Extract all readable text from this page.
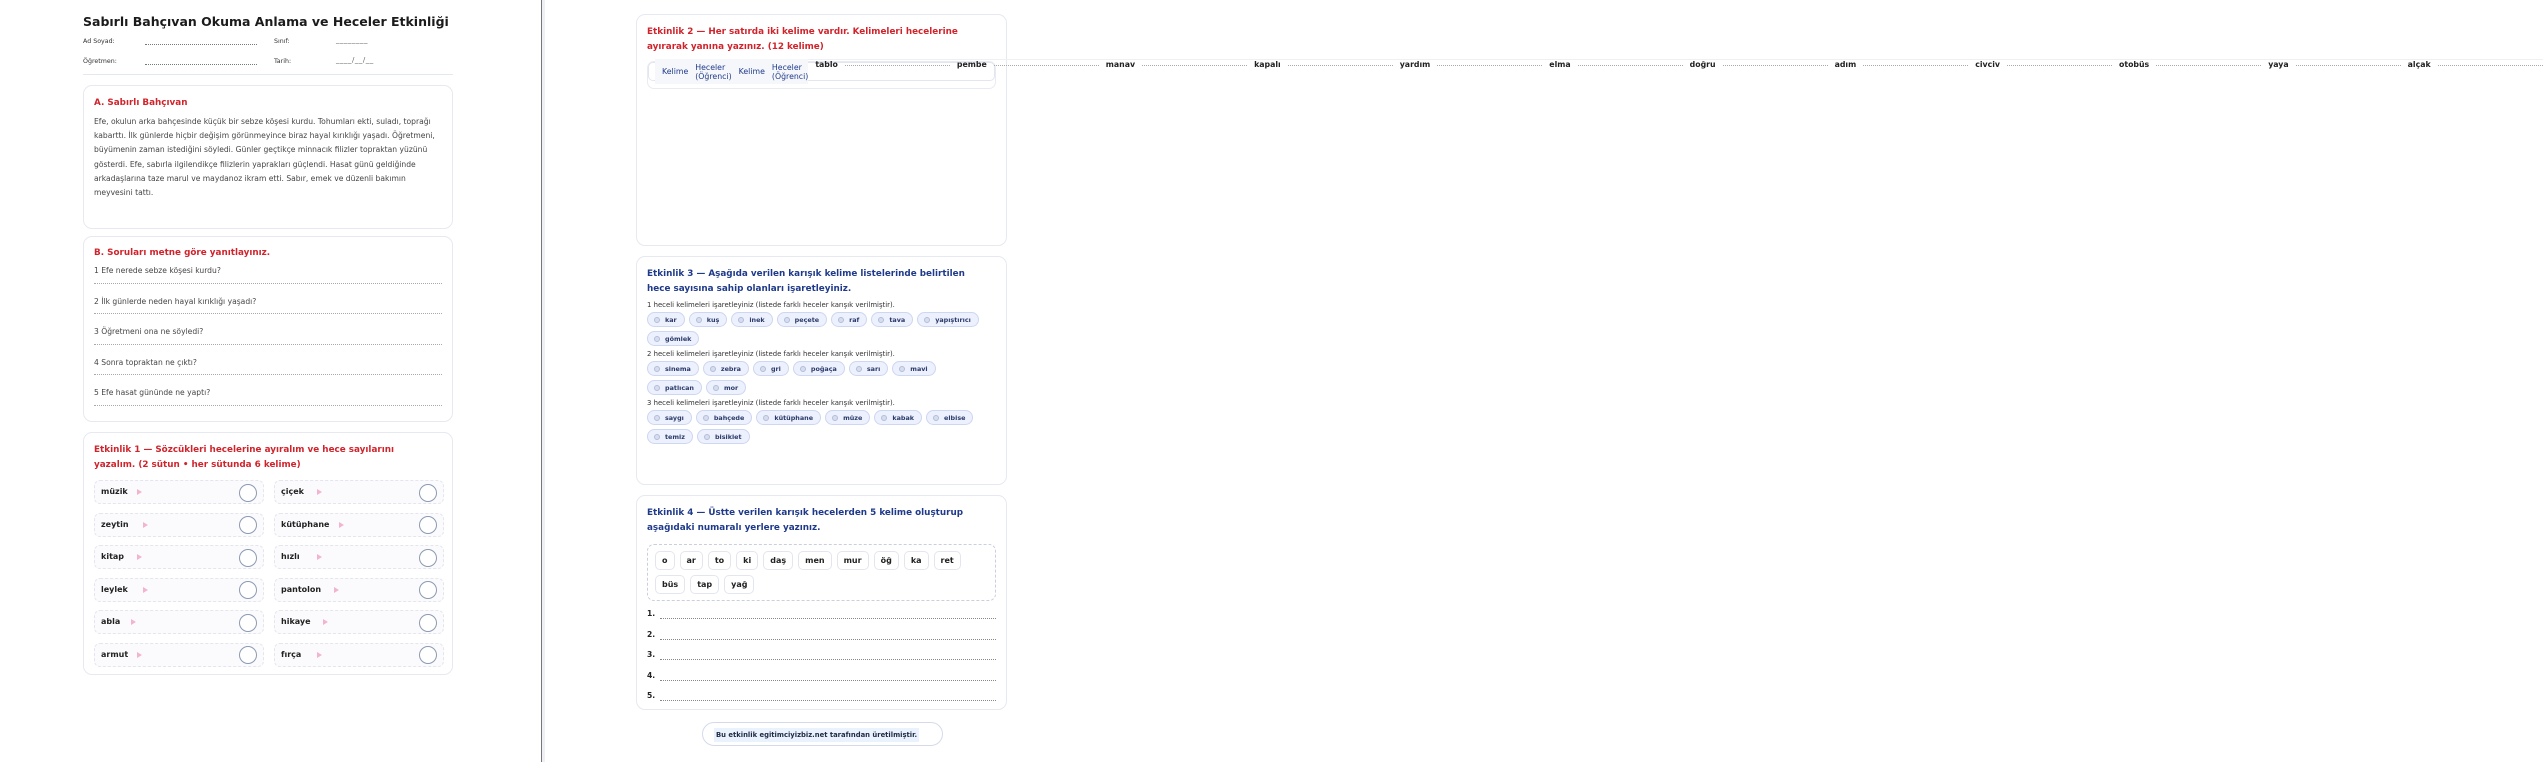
Sabırlı Bahçıvan Okuma Anlama ve Heceler Etkinliği
Ad Soyad:	Sınıf:	________
Öğretmen:	Tarih:	____/__/__
A. Sabırlı Bahçıvan
Efe, okulun arka bahçesinde küçük bir sebze köşesi kurdu. Tohumları ekti, suladı, toprağı kabarttı. İlk günlerde hiçbir değişim görünmeyince biraz hayal kırıklığı yaşadı. Öğretmeni, büyümenin zaman istediğini söyledi. Günler geçtikçe minnacık filizler topraktan yüzünü gösterdi. Efe, sabırla ilgilendikçe filizlerin yaprakları güçlendi. Hasat günü geldiğinde arkadaşlarına taze marul ve maydanoz ikram etti. Sabır, emek ve düzenli bakımın meyvesini tattı.
B. Soruları metne göre yanıtlayınız.
1 Efe nerede sebze köşesi kurdu?
2 İlk günlerde neden hayal kırıklığı yaşadı?
3 Öğretmeni ona ne söyledi?
4 Sonra topraktan ne çıktı?
5 Efe hasat gününde ne yaptı?
Etkinlik 1 — Sözcükleri hecelerine ayıralım ve hece sayılarını yazalım. (2 sütun • her sütunda 6 kelime)
müzik
zeytin
kitap
leylek
abla
armut
çiçek
kütüphane
hızlı
pantolon
hikaye
fırça
Etkinlik 2 — Her satırda iki kelime vardır. Kelimeleri hecelerine ayırarak yanına yazınız. (12 kelime)
Kelime	Heceler (Öğrenci)	Kelime	Heceler (Öğrenci)
tablo		pembe	
manav		kapalı	
yardım		elma	
doğru		adım	
civciv		otobüs	
yaya		alçak	
Etkinlik 3 — Aşağıda verilen karışık kelime listelerinde belirtilen hece sayısına sahip olanları işaretleyiniz.
1 heceli kelimeleri işaretleyiniz (listede farklı heceler karışık verilmiştir).
kar	kuş	inek	peçete	raf	tava	yapıştırıcı
gömlek
2 heceli kelimeleri işaretleyiniz (listede farklı heceler karışık verilmiştir).
sinema	zebra	gri	poğaça	sarı	mavi
patlıcan	mor
3 heceli kelimeleri işaretleyiniz (listede farklı heceler karışık verilmiştir).
saygı	bahçede	kütüphane	müze	kabak	elbise
temiz	bisiklet
Etkinlik 4 — Üstte verilen karışık hecelerden 5 kelime oluşturup aşağıdaki numaralı yerlere yazınız.
o	ar	to	ki	daş	men	mur	öğ	ka	ret
büs	tap	yağ
1.
2.
3.
4.
5.
Bu etkinlik egitimciyizbiz.net tarafından üretilmiştir.
